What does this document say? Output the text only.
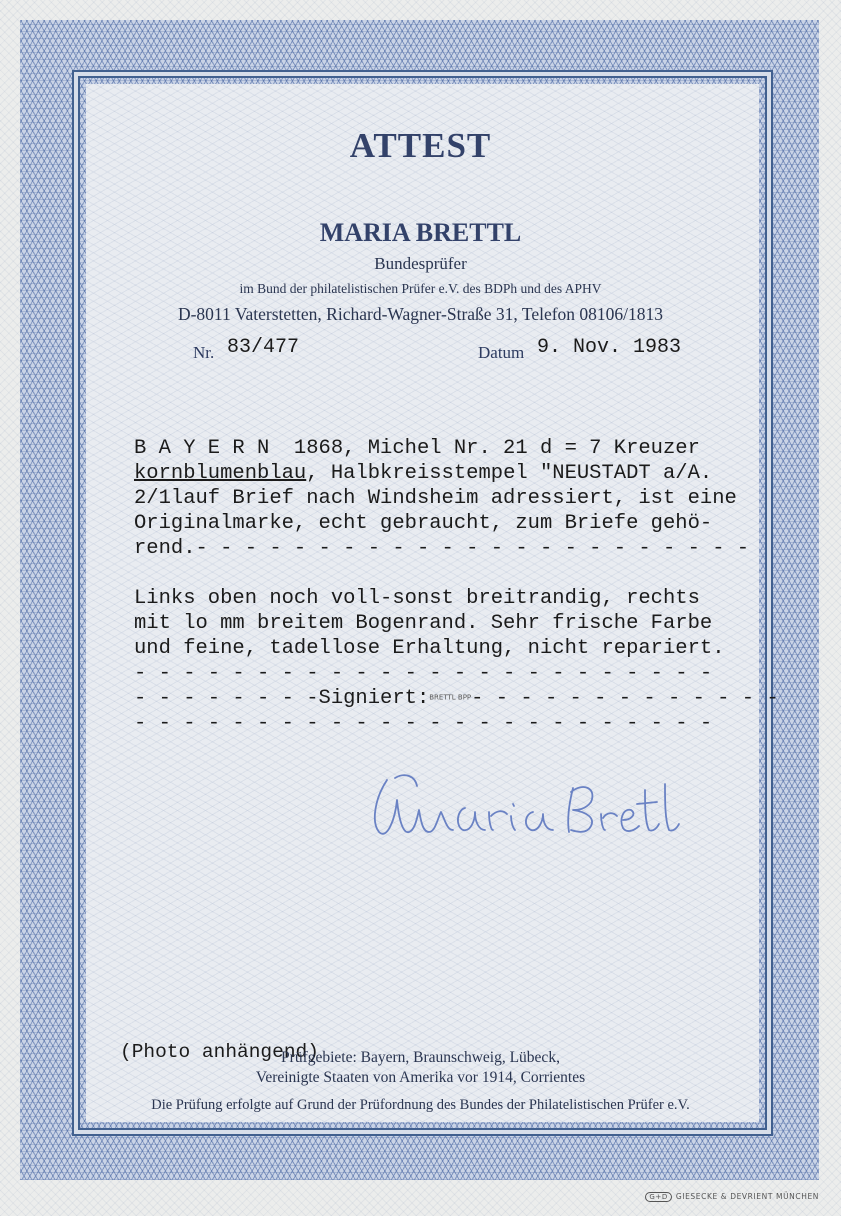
ATTEST
MARIA BRETTL
Bundesprüfer
im Bund der philatelistischen Prüfer e.V. des BDPh und des APHV
D-8011 Vaterstetten, Richard-Wagner-Straße 31, Telefon 08106/1813
Nr. 83/477	Datum 9. Nov. 1983
B A Y E R N  1868, Michel Nr. 21 d = 7 Kreuzer
kornblumenblau, Halbkreisstempel "NEUSTADT a/A.
2/1lauf Brief nach Windsheim adressiert, ist eine
Originalmarke, echt gebraucht, zum Briefe gehö-
rend.- - - - - - - - - - - - - - - - - - - - - - -
Links oben noch voll-sonst breitrandig, rechts
mit lo mm breitem Bogenrand. Sehr frische Farbe
und feine, tadellose Erhaltung, nicht repariert.
- - - - - - - - - - - - - - - - - - - - - - - -
- - - - - - - -Signiert:BRETTL BPP- - - - - - - - - - - - -
- - - - - - - - - - - - - - - - - - - - - - - -
(Photo anhängend)
Prüfgebiete: Bayern, Braunschweig, Lübeck,
Vereinigte Staaten von Amerika vor 1914, Corrientes
Die Prüfung erfolgte auf Grund der Prüfordnung des Bundes der Philatelistischen Prüfer e.V.
G+D GIESECKE & DEVRIENT MÜNCHEN
